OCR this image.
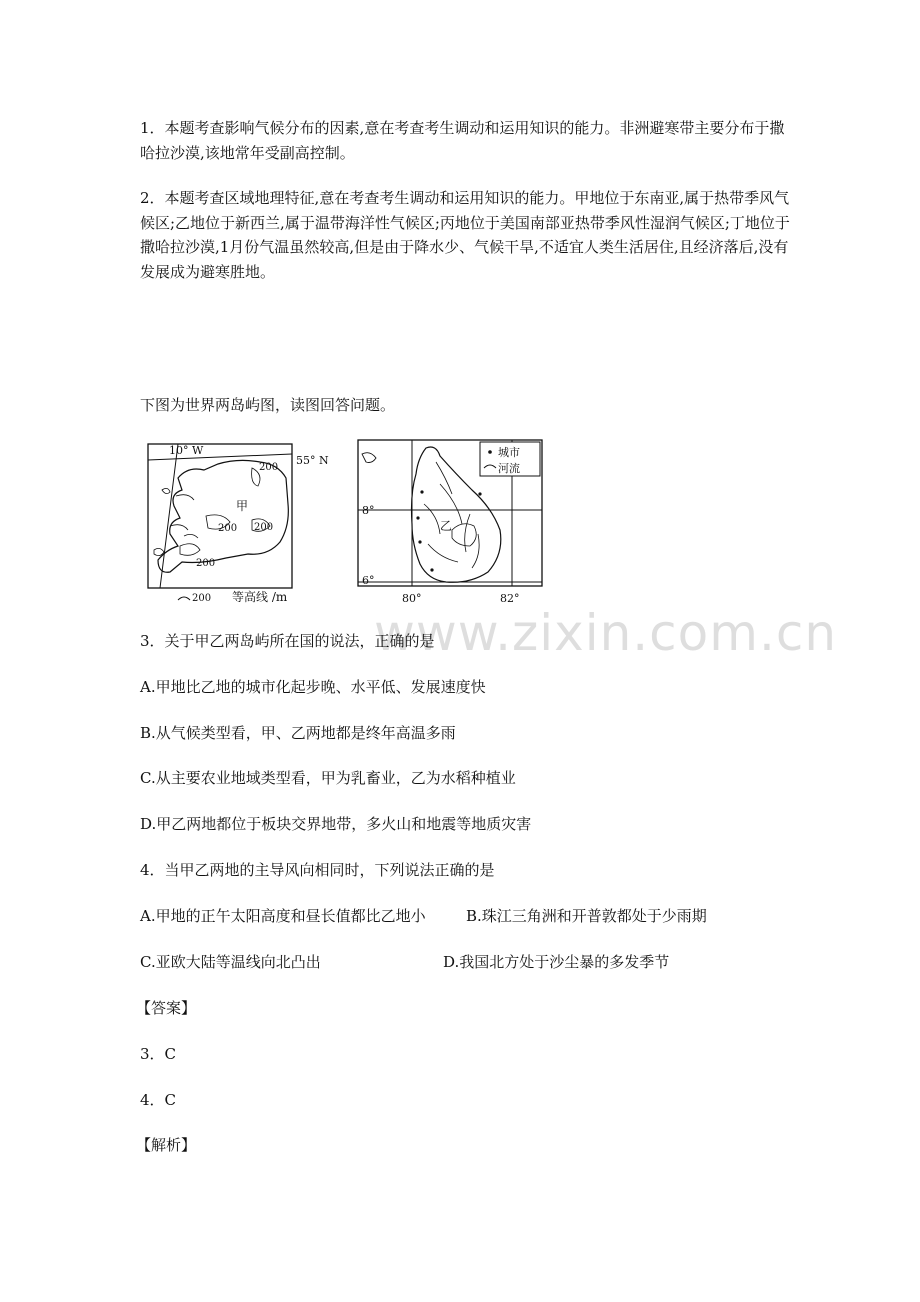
1．本题考查影响气候分布的因素,意在考查考生调动和运用知识的能力。非洲避寒带主要分布于撒哈拉沙漠,该地常年受副高控制。

2．本题考查区域地理特征,意在考查考生调动和运用知识的能力。甲地位于东南亚,属于热带季风气候区;乙地位于新西兰,属于温带海洋性气候区;丙地位于美国南部亚热带季风性湿润气候区;丁地位于撒哈拉沙漠,1月份气温虽然较高,但是由于降水少、气候干旱,不适宜人类生活居住,且经济落后,没有发展成为避寒胜地。

下图为世界两岛屿图，读图回答问题。

10° W
55° N
甲
200
200 200
200
200 等高线 /m
乙
8°
6°
80°	82°
城市
河流
www.zixin.com.cn

3．关于甲乙两岛屿所在国的说法，正确的是

A.甲地比乙地的城市化起步晚、水平低、发展速度快

B.从气候类型看，甲、乙两地都是终年高温多雨

C.从主要农业地域类型看，甲为乳畜业，乙为水稻种植业

D.甲乙两地都位于板块交界地带，多火山和地震等地质灾害

4．当甲乙两地的主导风向相同时，下列说法正确的是

A.甲地的正午太阳高度和昼长值都比乙地小	B.珠江三角洲和开普敦都处于少雨期

C.亚欧大陆等温线向北凸出	D.我国北方处于沙尘暴的多发季节

【答案】

3．C

4．C

【解析】
